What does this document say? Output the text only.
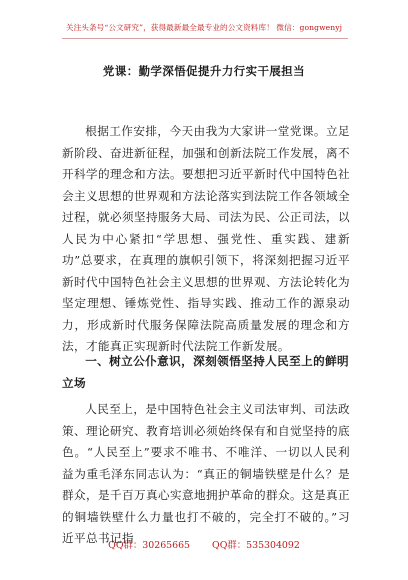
关注头条号“公文研究”，获得最新最全最专业的公文资料库！ 微信：gongwenyj
党课：勤学深悟促提升力行实干展担当

根据工作安排，今天由我为大家讲一堂党课。立足新阶段、奋进新征程，加强和创新法院工作发展，离不开科学的理念和方法。要想把习近平新时代中国特色社会主义思想的世界观和方法论落实到法院工作各领域全过程，就必须坚持服务大局、司法为民、公正司法，以人民为中心紧扣“学思想、强党性、重实践、建新功”总要求，在真理的旗帜引领下，将深刻把握习近平新时代中国特色社会主义思想的世界观、方法论转化为坚定理想、锤炼党性、指导实践、推动工作的源泉动力，形成新时代服务保障法院高质量发展的理念和方法，才能真正实现新时代法院工作新发展。

一、树立公仆意识，深刻领悟坚持人民至上的鲜明立场

人民至上，是中国特色社会主义司法审判、司法政策、理论研究、教育培训必须始终保有和自觉坚持的底色。“人民至上”要求不唯书、不唯洋、一切以人民利益为重毛泽东同志认为：“真正的铜墙铁壁是什么？是群众，是千百万真心实意地拥护革命的群众。这是真正的铜墙铁壁什么力量也打不破的，完全打不破的。”习近平总书记指

QQ群：30265665 QQ群：535304092
